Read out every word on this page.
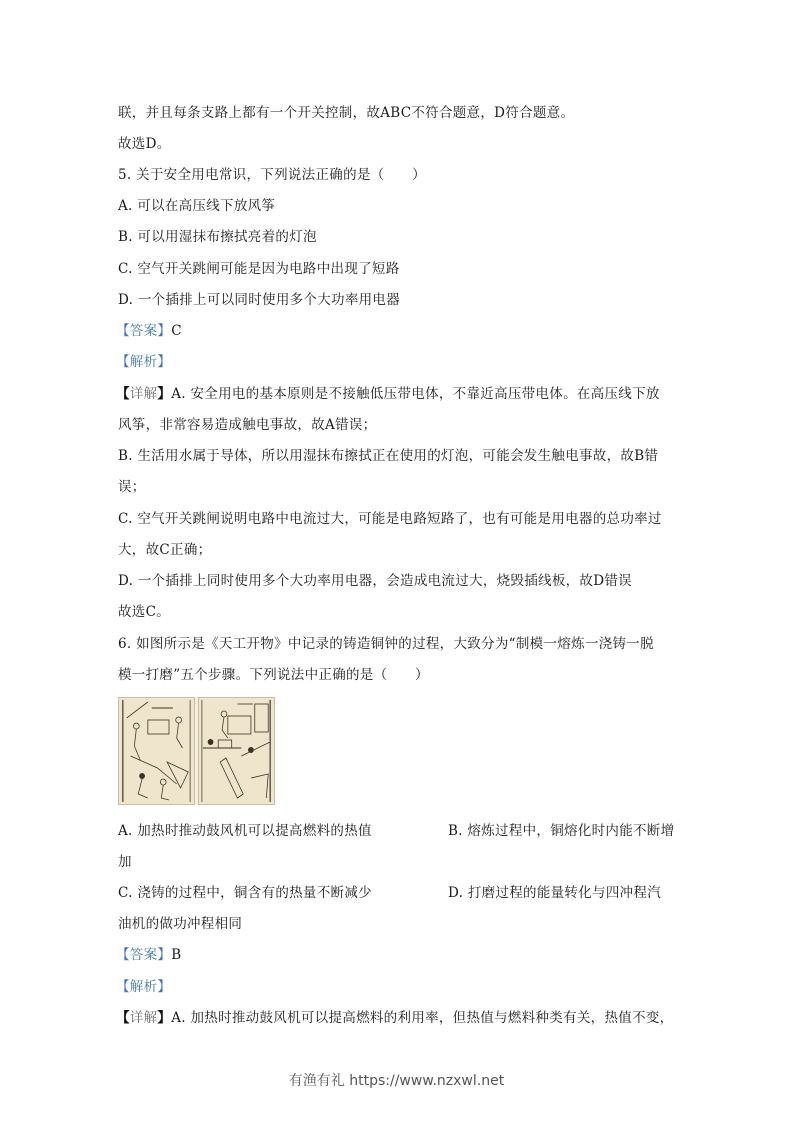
联，并且每条支路上都有一个开关控制，故ABC不符合题意，D符合题意。
故选D。
5. 关于安全用电常识，下列说法正确的是（　　）
A. 可以在高压线下放风筝
B. 可以用湿抹布擦拭亮着的灯泡
C. 空气开关跳闸可能是因为电路中出现了短路
D. 一个插排上可以同时使用多个大功率用电器
【答案】C
【解析】
【详解】A. 安全用电的基本原则是不接触低压带电体，不靠近高压带电体。在高压线下放
风筝，非常容易造成触电事故，故A错误；
B. 生活用水属于导体，所以用湿抹布擦拭正在使用的灯泡，可能会发生触电事故，故B错
误；
C. 空气开关跳闸说明电路中电流过大，可能是电路短路了，也有可能是用电器的总功率过
大，故C正确；
D. 一个插排上同时使用多个大功率用电器，会造成电流过大，烧毁插线板，故D错误
故选C。
6. 如图所示是《天工开物》中记录的铸造铜钟的过程，大致分为“制模一熔炼一浇铸一脱
模一打磨”五个步骤。下列说法中正确的是（　　）
A. 加热时推动鼓风机可以提高燃料的热值	B. 熔炼过程中，铜熔化时内能不断增
加
C. 浇铸的过程中，铜含有的热量不断减少	D. 打磨过程的能量转化与四冲程汽
油机的做功冲程相同
【答案】B
【解析】
【详解】A. 加热时推动鼓风机可以提高燃料的利用率，但热值与燃料种类有关，热值不变，
有渔有礼 https://www.nzxwl.net
